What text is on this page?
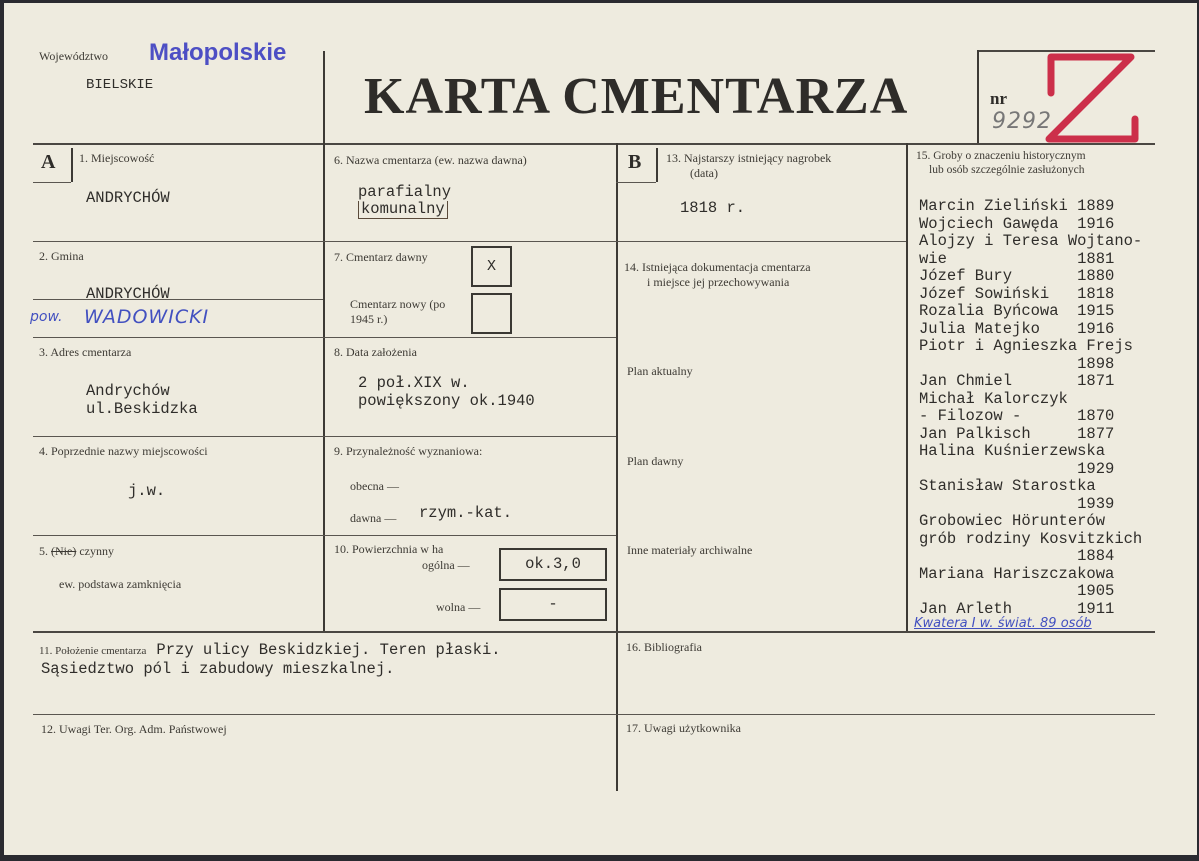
Województwo Małopolskie
BIELSKIE	KARTA CMENTARZA	nr
9292
A 1. Miejscowość
ANDRYCHÓW
2. Gmina
ANDRYCHÓW
pow. WADOWICKI
3. Adres cmentarza
Andrychów
ul.Beskidzka
4. Poprzednie nazwy miejscowości
j.w.
5. (Nie) czynny
ew. podstawa zamknięcia
6. Nazwa cmentarza (ew. nazwa dawna)
parafialny
komunalny
7. Cmentarz dawny
X
Cmentarz nowy (po 1945 r.)
8. Data założenia
2 poł.XIX w.
powiększony ok.1940
9. Przynależność wyznaniowa:
obecna —
dawna — rzym.-kat.
10. Powierzchnia w ha
ogólna —	ok.3,0
wolna —	-
B 13. Najstarszy istniejący nagrobek
(data)
1818 r.
14. Istniejąca dokumentacja cmentarza
i miejsce jej przechowywania
Plan aktualny
Plan dawny
Inne materiały archiwalne
15. Groby o znaczeniu historycznym
lub osób szczególnie zasłużonych
Marcin Zieliński 1889
Wojciech Gawęda  1916
Alojzy i Teresa Wojtano-
wie              1881
Józef Bury       1880
Józef Sowiński   1818
Rozalia Byńcowa  1915
Julia Matejko    1916
Piotr i Agnieszka Frejs
1898
Jan Chmiel       1871
Michał Kalorczyk
- Filozow -      1870
Jan Palkisch     1877
Halina Kuśnierzewska
1929
Stanisław Starostka
1939
Grobowiec Hörunterów
grób rodziny Kosvitzkich
1884
Mariana Hariszczakowa
1905
Jan Arleth       1911
Kwatera I w. świat. 89 osób
11. Położenie cmentarza Przy ulicy Beskidzkiej. Teren płaski.
Sąsiedztwo pól i zabudowy mieszkalnej.
12. Uwagi Ter. Org. Adm. Państwowej
16. Bibliografia
17. Uwagi użytkownika
